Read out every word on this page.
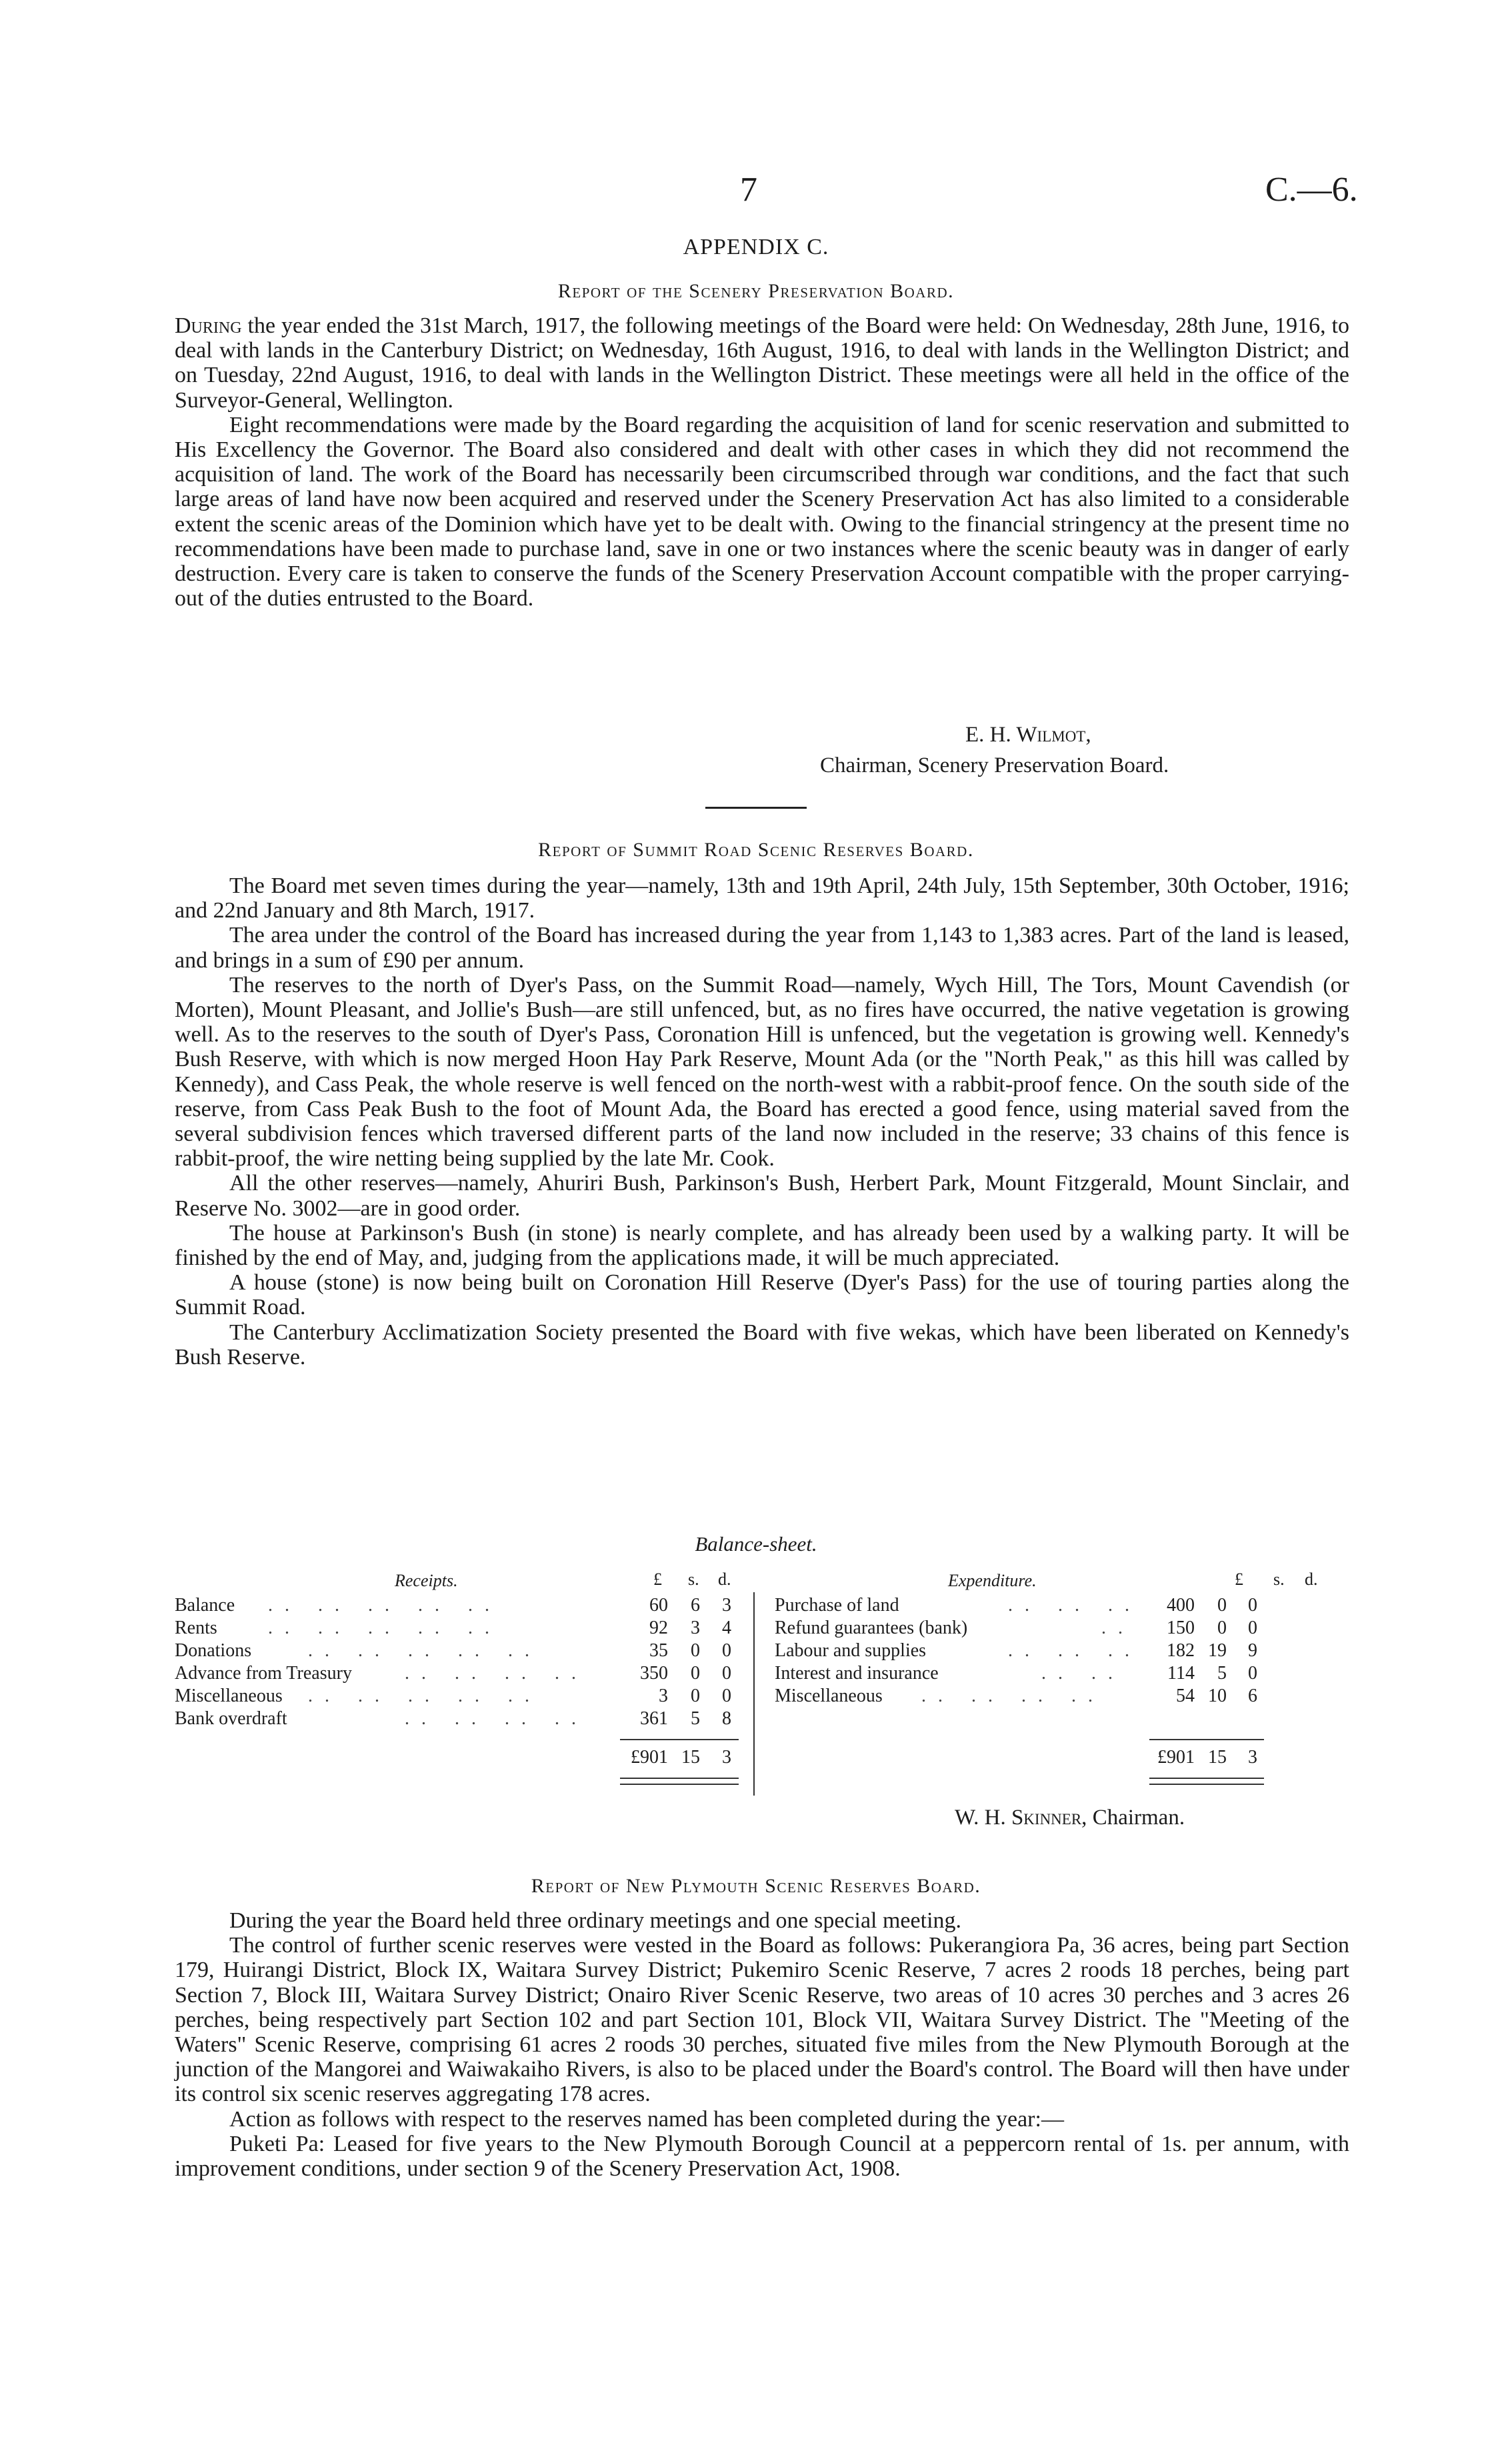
7	C.—6.
APPENDIX C.
Report of the Scenery Preservation Board.

During the year ended the 31st March, 1917, the following meetings of the Board were held: On Wednesday, 28th June, 1916, to deal with lands in the Canterbury District; on Wednesday, 16th August, 1916, to deal with lands in the Wellington District; and on Tuesday, 22nd August, 1916, to deal with lands in the Wellington District. These meetings were all held in the office of the Surveyor-General, Wellington.

Eight recommendations were made by the Board regarding the acquisition of land for scenic reservation and submitted to His Excellency the Governor. The Board also considered and dealt with other cases in which they did not recommend the acquisition of land. The work of the Board has necessarily been circumscribed through war conditions, and the fact that such large areas of land have now been acquired and reserved under the Scenery Preservation Act has also limited to a considerable extent the scenic areas of the Dominion which have yet to be dealt with. Owing to the financial stringency at the present time no recommendations have been made to purchase land, save in one or two instances where the scenic beauty was in danger of early destruction. Every care is taken to conserve the funds of the Scenery Preservation Account compatible with the proper carrying-out of the duties entrusted to the Board.

E. H. Wilmot,
Chairman, Scenery Preservation Board.
Report of Summit Road Scenic Reserves Board.

The Board met seven times during the year—namely, 13th and 19th April, 24th July, 15th September, 30th October, 1916; and 22nd January and 8th March, 1917.

The area under the control of the Board has increased during the year from 1,143 to 1,383 acres. Part of the land is leased, and brings in a sum of £90 per annum.

The reserves to the north of Dyer's Pass, on the Summit Road—namely, Wych Hill, The Tors, Mount Cavendish (or Morten), Mount Pleasant, and Jollie's Bush—are still unfenced, but, as no fires have occurred, the native vegetation is growing well. As to the reserves to the south of Dyer's Pass, Coronation Hill is unfenced, but the vegetation is growing well. Kennedy's Bush Reserve, with which is now merged Hoon Hay Park Reserve, Mount Ada (or the "North Peak," as this hill was called by Kennedy), and Cass Peak, the whole reserve is well fenced on the north-west with a rabbit-proof fence. On the south side of the reserve, from Cass Peak Bush to the foot of Mount Ada, the Board has erected a good fence, using material saved from the several subdivision fences which traversed different parts of the land now included in the reserve; 33 chains of this fence is rabbit-proof, the wire netting being supplied by the late Mr. Cook.

All the other reserves—namely, Ahuriri Bush, Parkinson's Bush, Herbert Park, Mount Fitzgerald, Mount Sinclair, and Reserve No. 3002—are in good order.

The house at Parkinson's Bush (in stone) is nearly complete, and has already been used by a walking party. It will be finished by the end of May, and, judging from the applications made, it will be much appreciated.

A house (stone) is now being built on Coronation Hill Reserve (Dyer's Pass) for the use of touring parties along the Summit Road.

The Canterbury Acclimatization Society presented the Board with five wekas, which have been liberated on Kennedy's Bush Reserve.

Balance-sheet.
Receipts.	£ s. d.	Expenditure.	£ s. d.
Balance .. .. .. .. ..	60	6	3
Rents	.. .. .. .. ..	92	3	4
Donations	.. .. .. .. ..	35	0	0
Advance from Treasury	.. .. .. ..	350	0	0
Miscellaneous .. .. .. .. ..	3	0	0
Bank overdraft	.. .. .. ..	361	5	8
£901 15	3
Purchase of land	.. .. ..	400	0	0
Refund guarantees (bank)	..	150	0	0
Labour and supplies	.. .. ..	182 19	9
Interest and insurance	.. ..	114	5	0
Miscellaneous .. .. .. ..	54 10	6
£901 15	3
W. H. Skinner, Chairman.
Report of New Plymouth Scenic Reserves Board.

During the year the Board held three ordinary meetings and one special meeting.

The control of further scenic reserves were vested in the Board as follows: Pukerangiora Pa, 36 acres, being part Section 179, Huirangi District, Block IX, Waitara Survey District; Pukemiro Scenic Reserve, 7 acres 2 roods 18 perches, being part Section 7, Block III, Waitara Survey District; Onairo River Scenic Reserve, two areas of 10 acres 30 perches and 3 acres 26 perches, being respectively part Section 102 and part Section 101, Block VII, Waitara Survey District. The "Meeting of the Waters" Scenic Reserve, comprising 61 acres 2 roods 30 perches, situated five miles from the New Plymouth Borough at the junction of the Mangorei and Waiwakaiho Rivers, is also to be placed under the Board's control. The Board will then have under its control six scenic reserves aggregating 178 acres.

Action as follows with respect to the reserves named has been completed during the year:—

Puketi Pa: Leased for five years to the New Plymouth Borough Council at a peppercorn rental of 1s. per annum, with improvement conditions, under section 9 of the Scenery Preservation Act, 1908.
